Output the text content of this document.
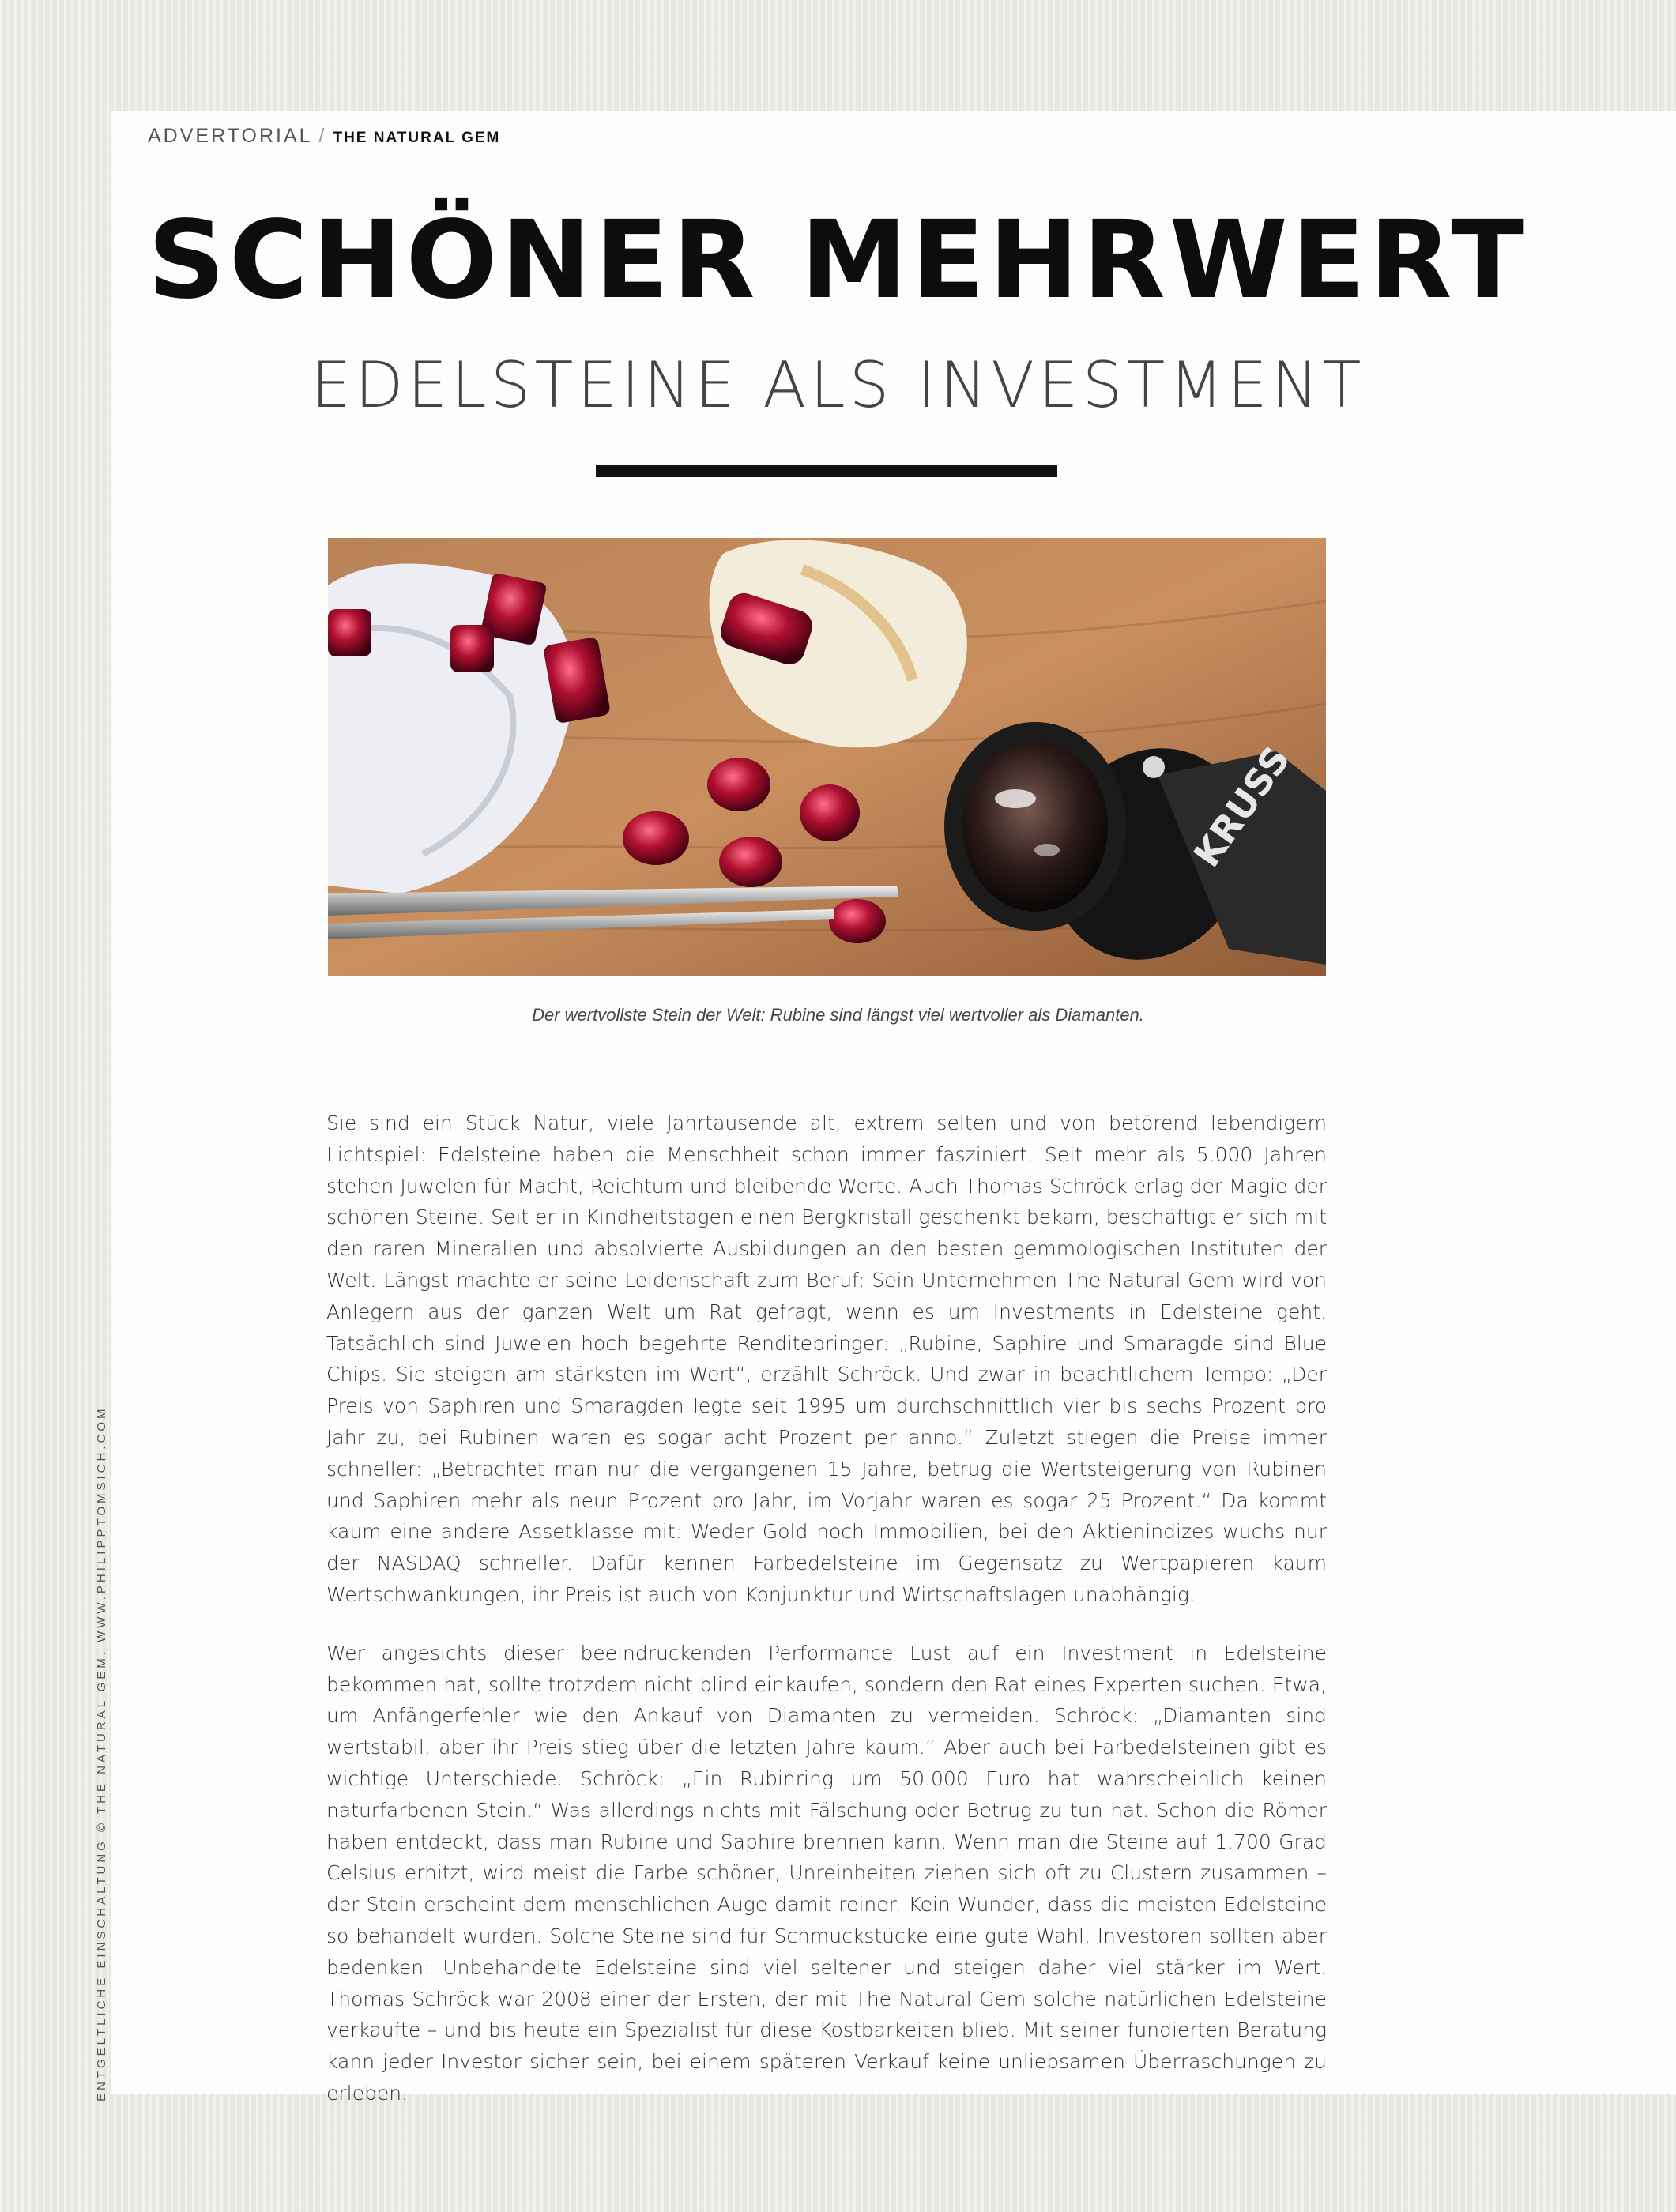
ENTGELTLICHE EINSCHALTUNG © THE NATURAL GEM. WWW.PHILIPPTOMSICH.COM
ADVERTORIAL / THE NATURAL GEM
SCHÖNER MEHRWERT
EDELSTEINE ALS INVESTMENT
KRUSS
Der wertvollste Stein der Welt: Rubine sind längst viel wertvoller als Diamanten.

Sie sind ein Stück Natur, viele Jahrtausende alt, extrem selten und von betörend lebendigem Lichtspiel: Edelsteine haben die Menschheit schon immer fasziniert. Seit mehr als 5.000 Jahren stehen Juwelen für Macht, Reichtum und bleibende Werte. Auch Thomas Schröck erlag der Magie der schönen Steine. Seit er in Kindheitstagen einen Bergkristall geschenkt bekam, beschäftigt er sich mit den raren Mineralien und absolvierte Ausbildungen an den besten gemmologischen Instituten der Welt. Längst machte er seine Leidenschaft zum Beruf: Sein Unternehmen The Natural Gem wird von Anlegern aus der ganzen Welt um Rat gefragt, wenn es um Investments in Edelsteine geht. Tatsächlich sind Juwelen hoch begehrte Renditebringer: „Rubine, Saphire und Smaragde sind Blue Chips. Sie steigen am stärksten im Wert“, erzählt Schröck. Und zwar in beachtlichem Tempo: „Der Preis von Saphiren und Smaragden legte seit 1995 um durchschnittlich vier bis sechs Prozent pro Jahr zu, bei Rubinen waren es sogar acht Prozent per anno.“ Zuletzt stiegen die Preise immer schneller: „Betrachtet man nur die vergangenen 15 Jahre, betrug die Wertsteigerung von Rubinen und Saphiren mehr als neun Prozent pro Jahr, im Vorjahr waren es sogar 25 Prozent.“ Da kommt kaum eine andere Assetklasse mit: Weder Gold noch Immobilien, bei den Aktienindizes wuchs nur der NASDAQ schneller. Dafür kennen Farbedelsteine im Gegensatz zu Wertpapieren kaum Wertschwankungen, ihr Preis ist auch von Konjunktur und Wirtschaftslagen unabhängig.

Wer angesichts dieser beeindruckenden Performance Lust auf ein Investment in Edelsteine bekommen hat, sollte trotzdem nicht blind einkaufen, sondern den Rat eines Experten suchen. Etwa, um Anfängerfehler wie den Ankauf von Diamanten zu vermeiden. Schröck: „Diamanten sind wertstabil, aber ihr Preis stieg über die letzten Jahre kaum.“ Aber auch bei Farbedelsteinen gibt es wichtige Unterschiede. Schröck: „Ein Rubinring um 50.000 Euro hat wahrscheinlich keinen naturfarbenen Stein.“ Was allerdings nichts mit Fälschung oder Betrug zu tun hat. Schon die Römer haben entdeckt, dass man Rubine und Saphire brennen kann. Wenn man die Steine auf 1.700 Grad Celsius erhitzt, wird meist die Farbe schöner, Unreinheiten ziehen sich oft zu Clustern zusammen – der Stein erscheint dem menschlichen Auge damit reiner. Kein Wunder, dass die meisten Edelsteine so behandelt wurden. Solche Steine sind für Schmuckstücke eine gute Wahl. Investoren sollten aber bedenken: Unbehandelte Edelsteine sind viel seltener und steigen daher viel stärker im Wert. Thomas Schröck war 2008 einer der Ersten, der mit The Natural Gem solche natürlichen Edelsteine verkaufte – und bis heute ein Spezialist für diese Kostbarkeiten blieb. Mit seiner fundierten Beratung kann jeder Investor sicher sein, bei einem späteren Verkauf keine unliebsamen Überraschungen zu erleben.
